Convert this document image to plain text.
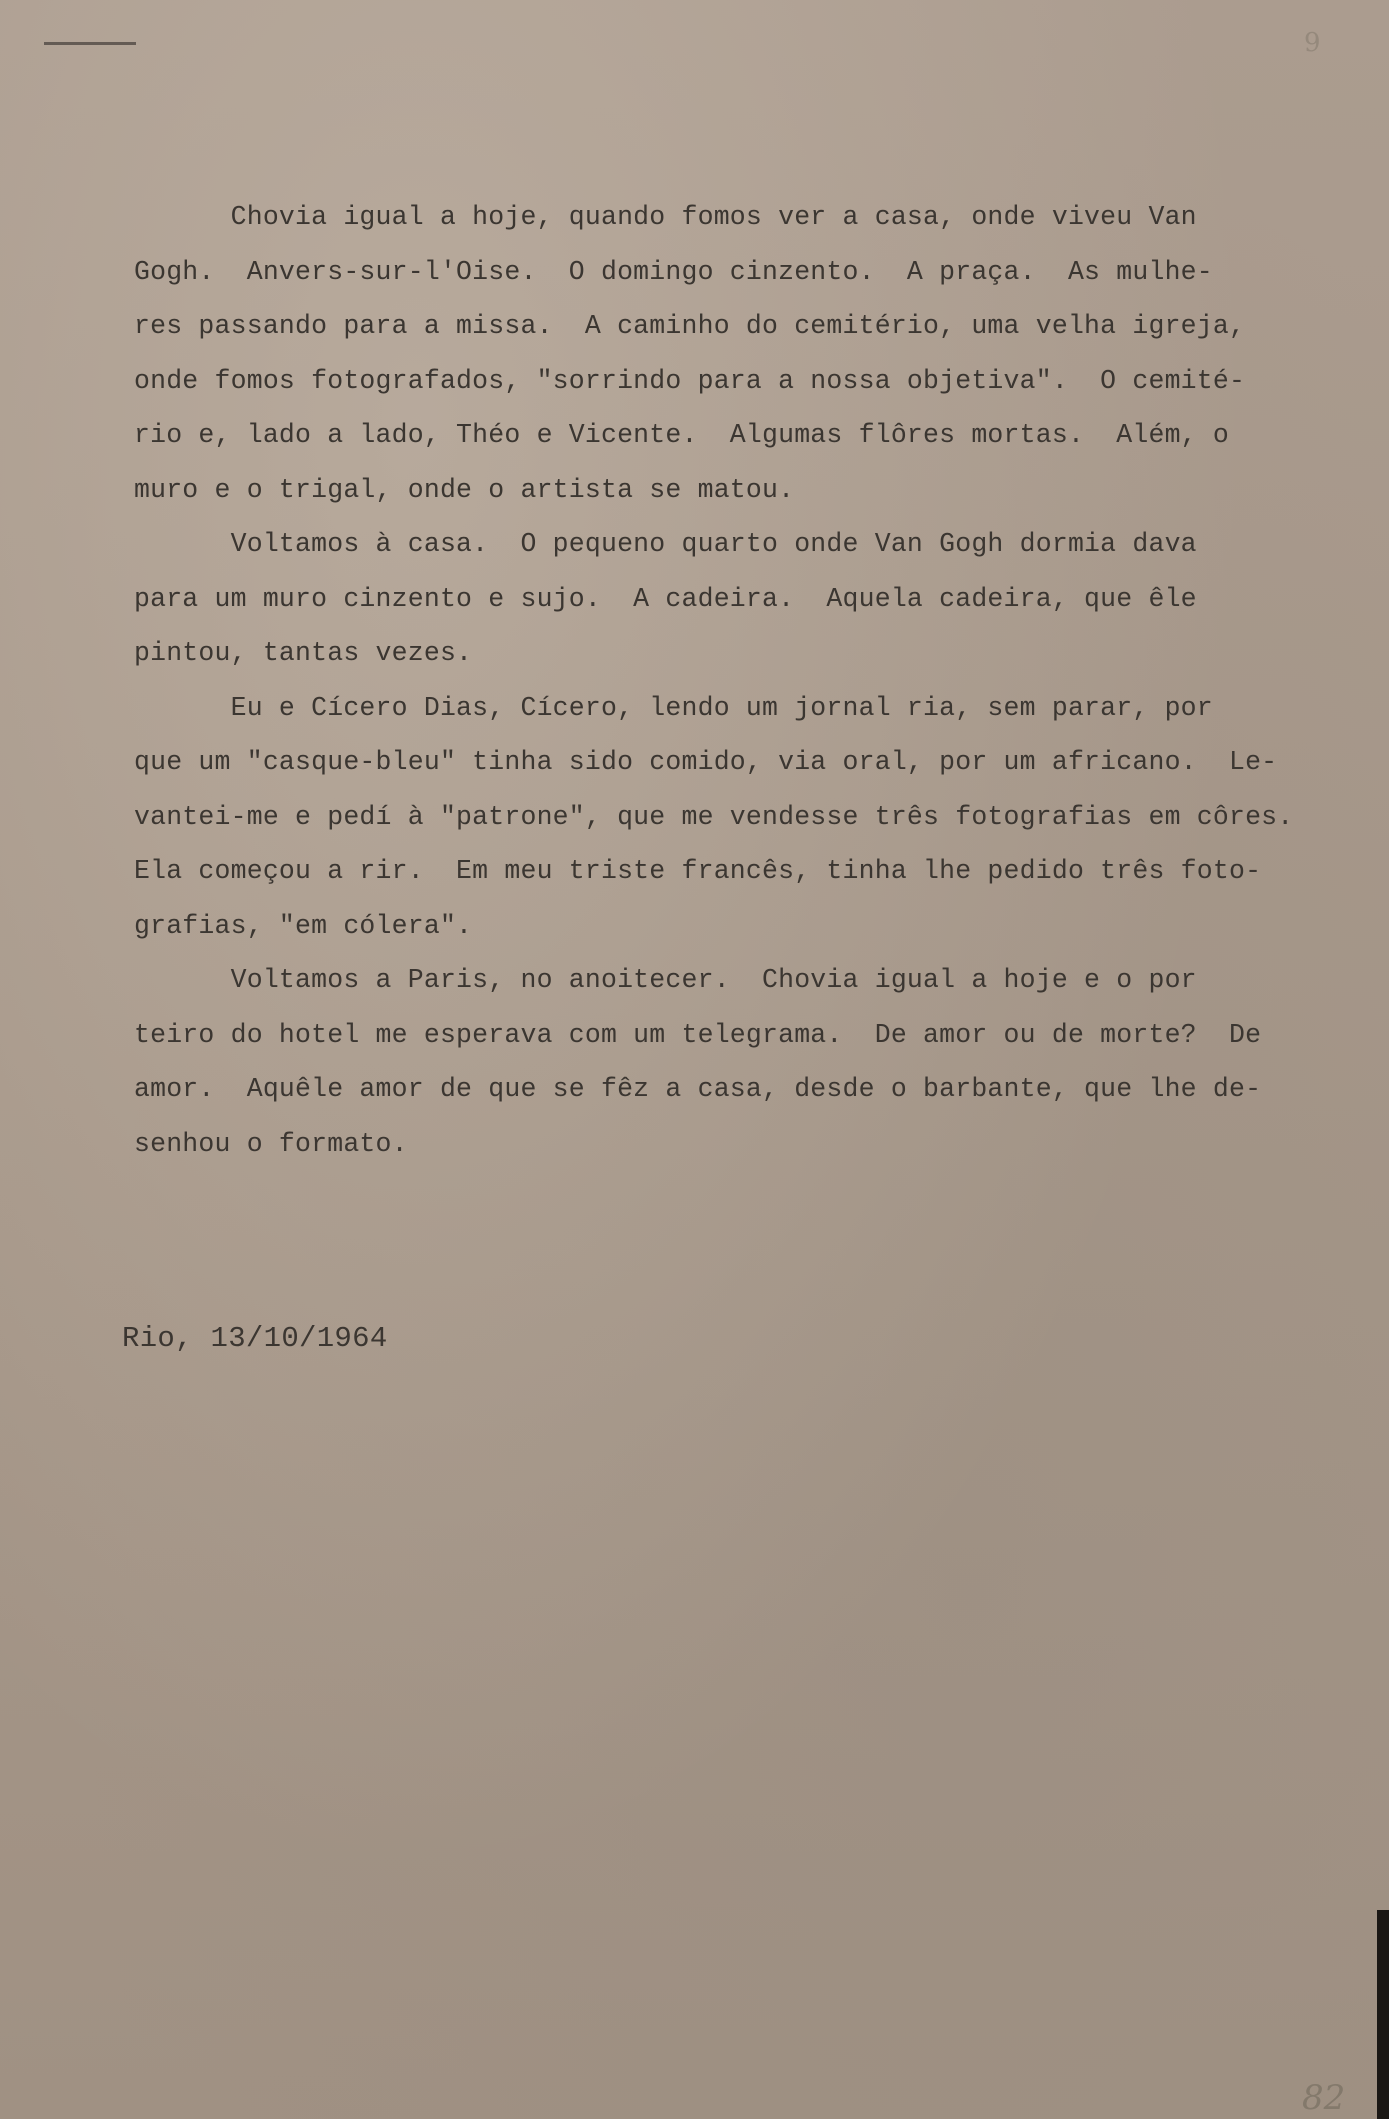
9
Chovia igual a hoje, quando fomos ver a casa, onde viveu Van
Gogh.  Anvers-sur-l'Oise.  O domingo cinzento.  A praça.  As mulhe-
res passando para a missa.  A caminho do cemitério, uma velha igreja,
onde fomos fotografados, "sorrindo para a nossa objetiva".  O cemité-
rio e, lado a lado, Théo e Vicente.  Algumas flôres mortas.  Além, o
muro e o trigal, onde o artista se matou.
Voltamos à casa.  O pequeno quarto onde Van Gogh dormia dava
para um muro cinzento e sujo.  A cadeira.  Aquela cadeira, que êle
pintou, tantas vezes.
Eu e Cícero Dias, Cícero, lendo um jornal ria, sem parar, por
que um "casque-bleu" tinha sido comido, via oral, por um africano.  Le-
vantei-me e pedí à "patrone", que me vendesse três fotografias em côres.
Ela começou a rir.  Em meu triste francês, tinha lhe pedido três foto-
grafias, "em cólera".
Voltamos a Paris, no anoitecer.  Chovia igual a hoje e o por
teiro do hotel me esperava com um telegrama.  De amor ou de morte?  De
amor.  Aquêle amor de que se fêz a casa, desde o barbante, que lhe de-
senhou o formato.
Rio, 13/10/1964
82
